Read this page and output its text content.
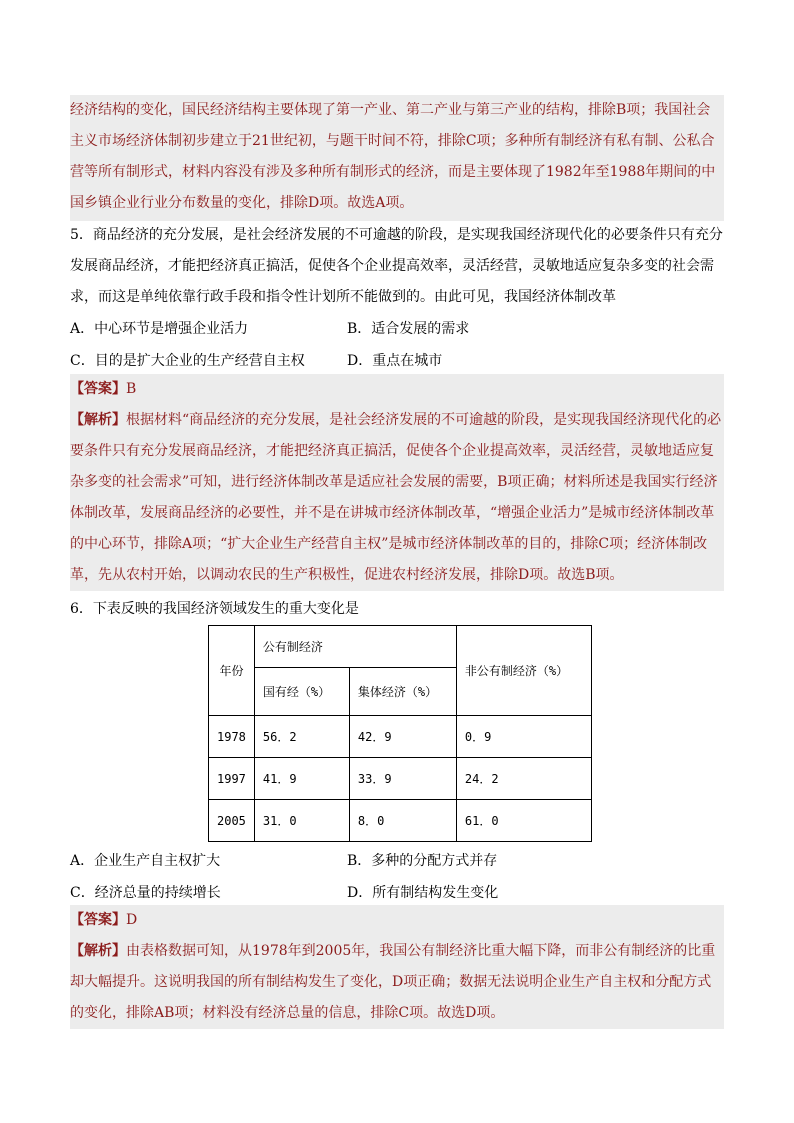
经济结构的变化，国民经济结构主要体现了第一产业、第二产业与第三产业的结构，排除B项；我国社会主义市场经济体制初步建立于21世纪初，与题干时间不符，排除C项；多种所有制经济有私有制、公私合营等所有制形式，材料内容没有涉及多种所有制形式的经济，而是主要体现了1982年至1988年期间的中国乡镇企业行业分布数量的变化，排除D项。故选A项。

5．商品经济的充分发展，是社会经济发展的不可逾越的阶段，是实现我国经济现代化的必要条件只有充分发展商品经济，才能把经济真正搞活，促使各个企业提高效率，灵活经营，灵敏地适应复杂多变的社会需求，而这是单纯依靠行政手段和指令性计划所不能做到的。由此可见，我国经济体制改革

A．中心环节是增强企业活力	B．适合发展的需求
C．目的是扩大企业的生产经营自主权	D．重点在城市
【答案】B
【解析】根据材料“商品经济的充分发展，是社会经济发展的不可逾越的阶段，是实现我国经济现代化的必要条件只有充分发展商品经济，才能把经济真正搞活，促使各个企业提高效率，灵活经营，灵敏地适应复杂多变的社会需求”可知，进行经济体制改革是适应社会发展的需要，B项正确；材料所述是我国实行经济体制改革，发展商品经济的必要性，并不是在讲城市经济体制改革，“增强企业活力”是城市经济体制改革的中心环节，排除A项；“扩大企业生产经营自主权”是城市经济体制改革的目的，排除C项；经济体制改革，先从农村开始，以调动农民的生产积极性，促进农村经济发展，排除D项。故选B项。

6．下表反映的我国经济领域发生的重大变化是

年份	公有制经济		非公有制经济（%）
	国有经（%）	集体经济（%）	
1978	56．2	42．9	0．9
1997	41．9	33．9	24．2
2005	31．0	8．0	61．0
A．企业生产自主权扩大	B．多种的分配方式并存
C．经济总量的持续增长	D．所有制结构发生变化
【答案】D
【解析】由表格数据可知，从1978年到2005年，我国公有制经济比重大幅下降，而非公有制经济的比重却大幅提升。这说明我国的所有制结构发生了变化，D项正确；数据无法说明企业生产自主权和分配方式的变化，排除AB项；材料没有经济总量的信息，排除C项。故选D项。
